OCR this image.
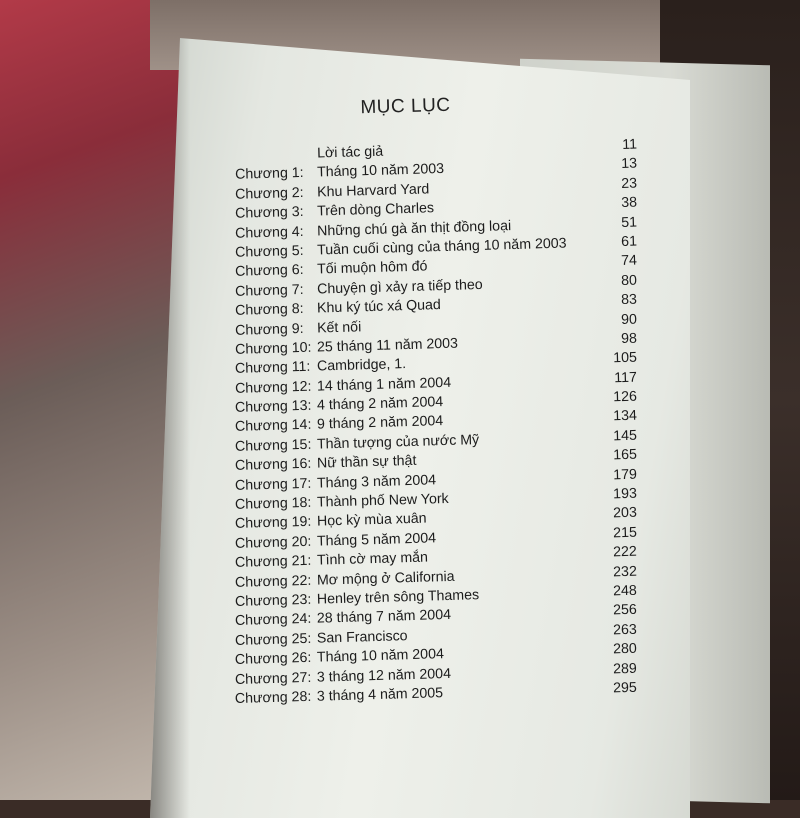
MỤC LỤC
Lời tác giả	11
Chương 1: Tháng 10 năm 2003	13
Chương 2: Khu Harvard Yard	23
Chương 3: Trên dòng Charles	38
Chương 4: Những chú gà ăn thịt đồng loại	51
Chương 5: Tuần cuối cùng của tháng 10 năm 2003	61
Chương 6: Tối muộn hôm đó	74
Chương 7: Chuyện gì xảy ra tiếp theo	80
Chương 8: Khu ký túc xá Quad	83
Chương 9: Kết nối	90
Chương 10: 25 tháng 11 năm 2003	98
Chương 11: Cambridge, 1.	105
Chương 12: 14 tháng 1 năm 2004	117
Chương 13: 4 tháng 2 năm 2004	126
Chương 14: 9 tháng 2 năm 2004	134
Chương 15: Thần tượng của nước Mỹ	145
Chương 16: Nữ thần sự thật	165
Chương 17: Tháng 3 năm 2004	179
Chương 18: Thành phố New York	193
Chương 19: Học kỳ mùa xuân	203
Chương 20: Tháng 5 năm 2004	215
Chương 21: Tình cờ may mắn	222
Chương 22: Mơ mộng ở California	232
Chương 23: Henley trên sông Thames	248
Chương 24: 28 tháng 7 năm 2004	256
Chương 25: San Francisco	263
Chương 26: Tháng 10 năm 2004	280
Chương 27: 3 tháng 12 năm 2004	289
Chương 28: 3 tháng 4 năm 2005	295
